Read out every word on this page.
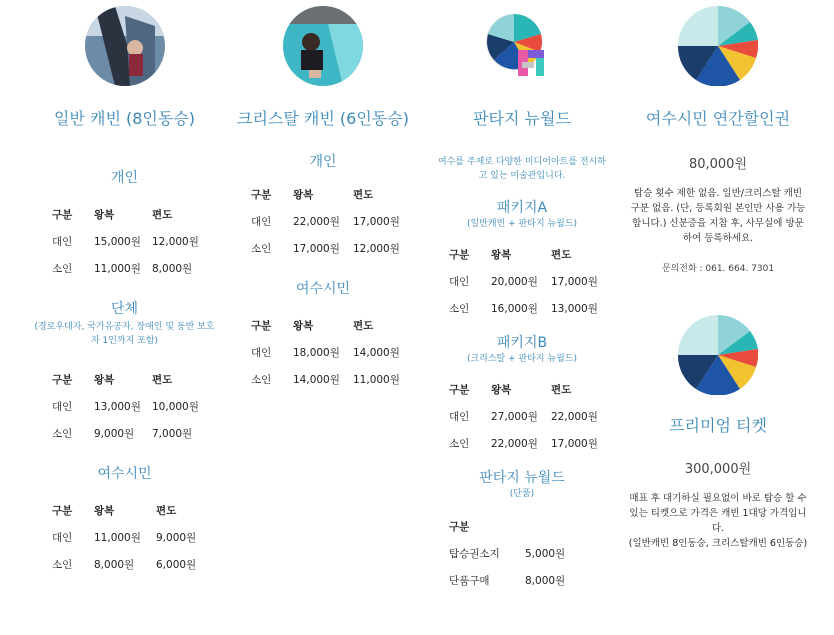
일반 캐빈 (8인동승)

개인

구분	왕복	편도
대인	15,000원	12,000원
소인	11,000원	8,000원

단체

(경로우대자, 국가유공자, 장애인 및 동반 보호자 1인까지 포함)

구분	왕복	편도
대인	13,000원	10,000원
소인	9,000원	7,000원

여수시민

구분	왕복	편도
대인	11,000원	9,000원
소인	8,000원	6,000원
크리스탈 캐빈 (6인동승)

개인

구분	왕복	편도
대인	22,000원	17,000원
소인	17,000원	12,000원

여수시민

구분	왕복	편도
대인	18,000원	14,000원
소인	14,000원	11,000원
판타지 뉴월드

여수를 주제로 다양한 미디어아트를 전시하고 있는 미술관입니다.

패키지A

(일반캐빈 + 판타지 뉴월드)

구분	왕복	편도
대인	20,000원	17,000원
소인	16,000원	13,000원

패키지B

(크리스탈 + 판타지 뉴월드)

구분	왕복	편도
대인	27,000원	22,000원
소인	22,000원	17,000원

판타지 뉴월드

(단품)

구분		
탑승권소지	5,000원	
단품구매	8,000원	
여수시민 연간할인권

80,000원

탑승 횟수 제한 없음. 일반/크리스탈 캐빈 구분 없음. (단, 등록회원 본인만 사용 가능합니다.) 신분증을 지참 후, 사무실에 방문하여 등록하세요.

문의전화 : 061. 664. 7301

프리미엄 티켓

300,000원

매표 후 대기하실 필요없이 바로 탑승 할 수 있는 티켓으로 가격은 캐빈 1대당 가격입니다.

(일반캐빈 8인동승, 크리스탈캐빈 6인동승)
